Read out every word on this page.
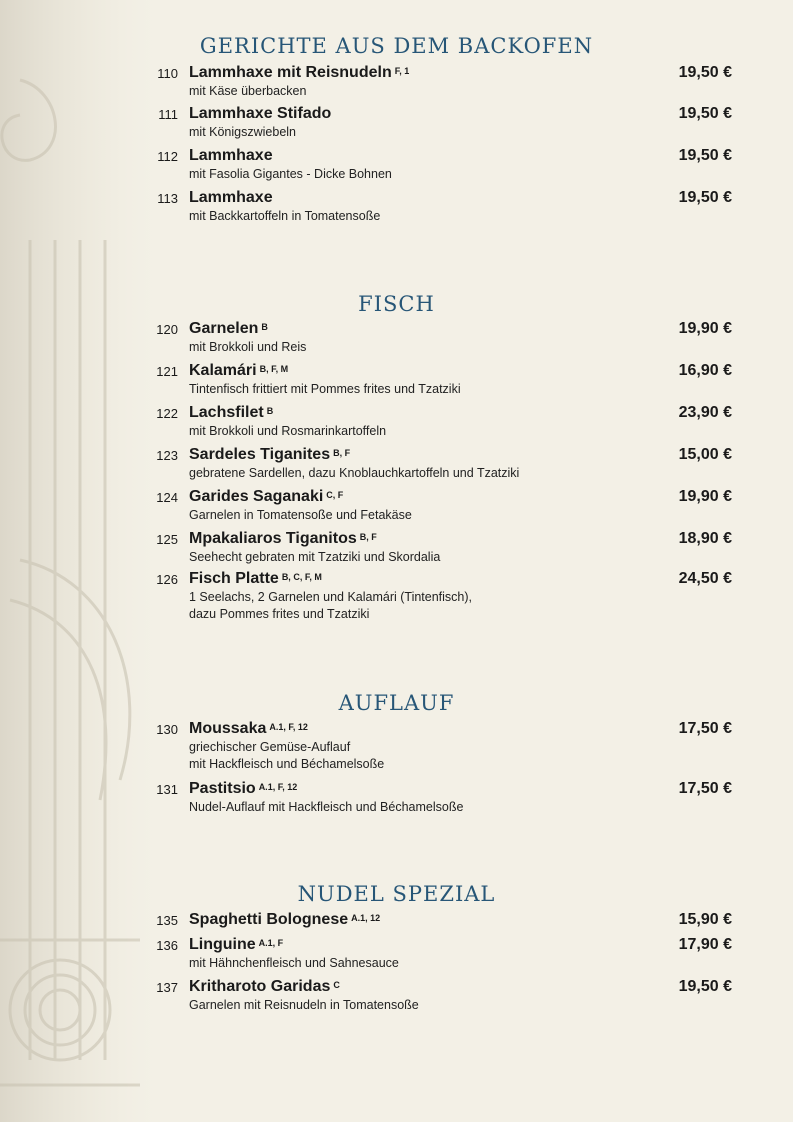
GERICHTE AUS DEM BACKOFEN
110 Lammhaxe mit Reisnudeln $^{F, 1}$	19,50 €
mit Käse überbacken
111 Lammhaxe Stifado	19,50 €
mit Königszwiebeln
112 Lammhaxe	19,50 €
mit Fasolia Gigantes - Dicke Bohnen
113 Lammhaxe	19,50 €
mit Backkartoffeln in Tomatensoße
FISCH
120 Garnelen $^B$	19,90 €
mit Brokkoli und Reis
121 Kalamári $^{B, F, M}$	16,90 €
Tintenfisch frittiert mit Pommes frites und Tzatziki
122 Lachsfilet $^B$	23,90 €
mit Brokkoli und Rosmarinkartoffeln
123 Sardeles Tiganites $^{B, F}$	15,00 €
gebratene Sardellen, dazu Knoblauchkartoffeln und Tzatziki
124 Garides Saganaki $^{C, F}$	19,90 €
Garnelen in Tomatensoße und Fetakäse
125 Mpakaliaros Tiganitos $^{B, F}$	18,90 €
Seehecht gebraten mit Tzatziki und Skordalia
126 Fisch Platte $^{B, C, F, M}$	24,50 €
1 Seelachs, 2 Garnelen und Kalamári (Tintenfisch),
dazu Pommes frites und Tzatziki
AUFLAUF
130 Moussaka $^{A.1, F, 12}$	17,50 €
griechischer Gemüse-Auflauf
mit Hackfleisch und Béchamelsoße
131 Pastitsio $^{A.1, F, 12}$	17,50 €
Nudel-Auflauf mit Hackfleisch und Béchamelsoße
NUDEL SPEZIAL
135 Spaghetti Bolognese $^{A.1, 12}$	15,90 €
136 Linguine $^{A.1, F}$	17,90 €
mit Hähnchenfleisch und Sahnesauce
137 Kritharoto Garidas $^C$	19,50 €
Garnelen mit Reisnudeln in Tomatensoße
